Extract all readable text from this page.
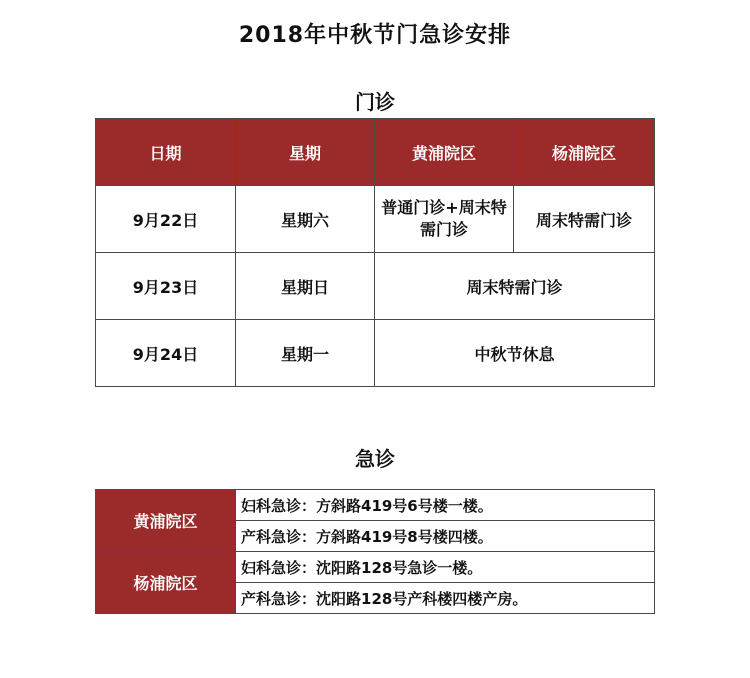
2018年中秋节门急诊安排
门诊
日期	星期	黄浦院区	杨浦院区
9月22日	星期六	普通门诊+周末特需门诊	周末特需门诊
9月23日	星期日	周末特需门诊	
9月24日	星期一	中秋节休息	
急诊
黄浦院区	妇科急诊：方斜路419号6号楼一楼。
	产科急诊：方斜路419号8号楼四楼。
杨浦院区	妇科急诊：沈阳路128号急诊一楼。
	产科急诊：沈阳路128号产科楼四楼产房。
